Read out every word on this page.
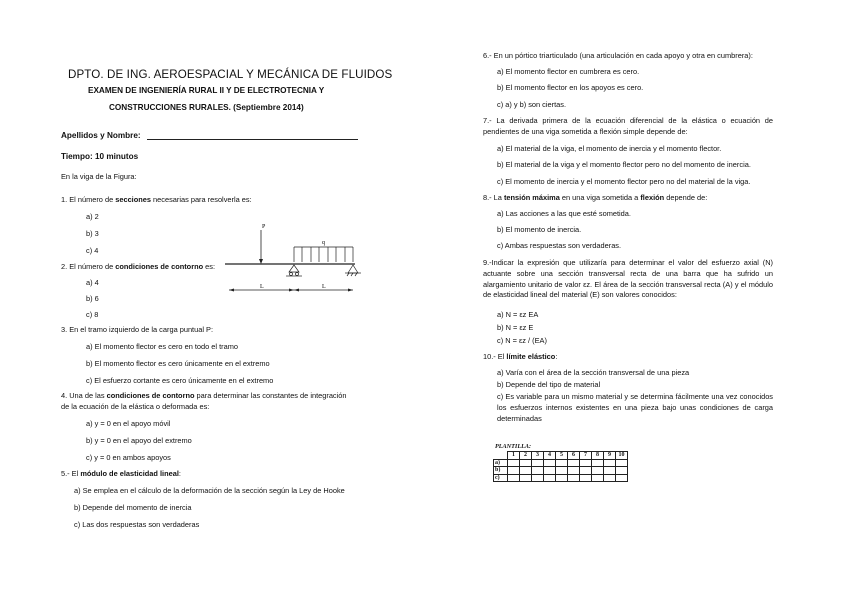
DPTO. DE ING. AEROESPACIAL Y MECÁNICA DE FLUIDOS
EXAMEN DE INGENIERÍA RURAL II Y DE ELECTROTECNIA Y
CONSTRUCCIONES RURALES. (Septiembre 2014)
Apellidos y Nombre:
Tiempo: 10 minutos
En la viga de la Figura:
1. El número de secciones necesarias para resolverla es:
a) 2
b) 3
c) 4
2. El número de condiciones de contorno es:
a) 4
b) 6
c) 8
P
q
L	L
3. En el tramo izquierdo de la carga puntual P:
a) El momento flector es cero en todo el tramo
b) El momento flector es cero únicamente en el extremo
c) El esfuerzo cortante es cero únicamente en el extremo
4. Una de las condiciones de contorno para determinar las constantes de integración
de la ecuación de la elástica o deformada es:
a) y = 0 en el apoyo móvil
b) y = 0 en el apoyo del extremo
c) y = 0 en ambos apoyos
5.- El módulo de elasticidad lineal:
a) Se emplea en el cálculo de la deformación de la sección según la Ley de Hooke
b) Depende del momento de inercia
c) Las dos respuestas son verdaderas
6.- En un pórtico triarticulado (una articulación en cada apoyo y otra en cumbrera):
a) El momento flector en cumbrera es cero.
b) El momento flector en los apoyos es cero.
c) a) y b) son ciertas.
7.- La derivada primera de la ecuación diferencial de la elástica o ecuación de pendientes de una viga sometida a flexión simple depende de:
a) El material de la viga, el momento de inercia y el momento flector.
b) El material de la viga y el momento flector pero no del momento de inercia.
c) El momento de inercia y el momento flector pero no del material de la viga.
8.- La tensión máxima en una viga sometida a flexión depende de:
a) Las acciones a las que esté sometida.
b) El momento de inercia.
c) Ambas respuestas son verdaderas.
9.-Indicar la expresión que utilizaría para determinar el valor del esfuerzo axial (N) actuante sobre una sección transversal recta de una barra que ha sufrido un alargamiento unitario de valor εz. El área de la sección transversal recta (A) y el módulo de elasticidad lineal del material (E) son valores conocidos:
a) N = εz EA
b) N = εz E
c) N = εz / (EA)
10.- El límite elástico:
a) Varía con el área de la sección transversal de una pieza
b) Depende del tipo de material
c) Es variable para un mismo material y se determina fácilmente una vez conocidos los esfuerzos internos existentes en una pieza bajo unas condiciones de carga determinadas
PLANTILLA:
	1	2	3	4	5	6	7	8	9	10
a)										
b)										
c)										
